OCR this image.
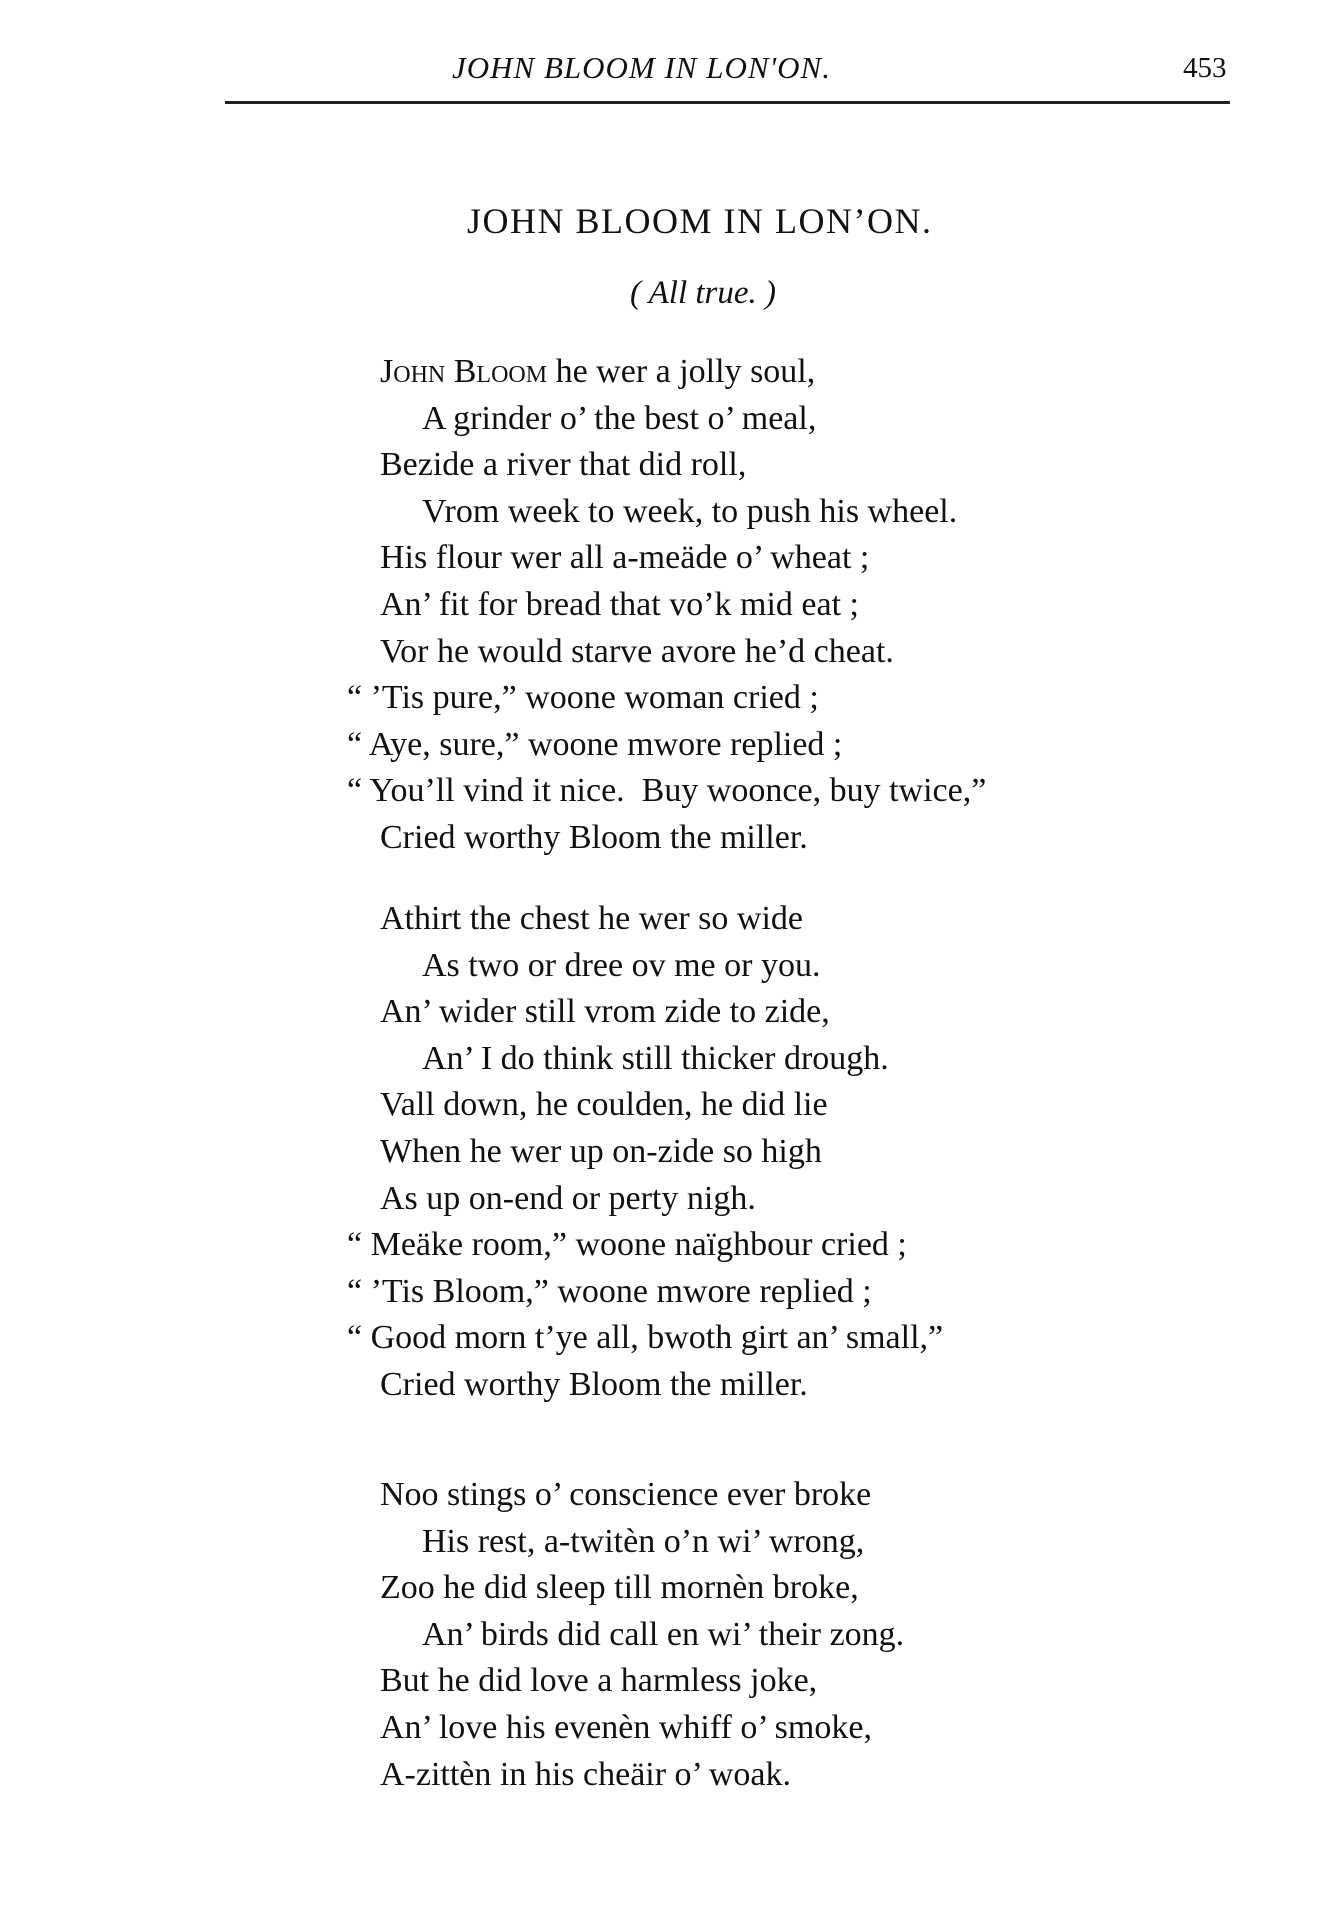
JOHN BLOOM IN LON'ON.	453
JOHN BLOOM IN LON’ON.
( All true. )
John Bloom he wer a jolly soul,
A grinder o’ the best o’ meal,
Bezide a river that did roll,
Vrom week to week, to push his wheel.
His flour wer all a-meäde o’ wheat ;
An’ fit for bread that vo’k mid eat ;
Vor he would starve avore he’d cheat.
“ ’Tis pure,” woone woman cried ;
“ Aye, sure,” woone mwore replied ;
“ You’ll vind it nice.  Buy woonce, buy twice,”
Cried worthy Bloom the miller.
Athirt the chest he wer so wide
As two or dree ov me or you.
An’ wider still vrom zide to zide,
An’ I do think still thicker drough.
Vall down, he coulden, he did lie
When he wer up on-zide so high
As up on-end or perty nigh.
“ Meäke room,” woone naïghbour cried ;
“ ’Tis Bloom,” woone mwore replied ;
“ Good morn t’ye all, bwoth girt an’ small,”
Cried worthy Bloom the miller.
Noo stings o’ conscience ever broke
His rest, a-twitèn o’n wi’ wrong,
Zoo he did sleep till mornèn broke,
An’ birds did call en wi’ their zong.
But he did love a harmless joke,
An’ love his evenèn whiff o’ smoke,
A-zittèn in his cheäir o’ woak.
